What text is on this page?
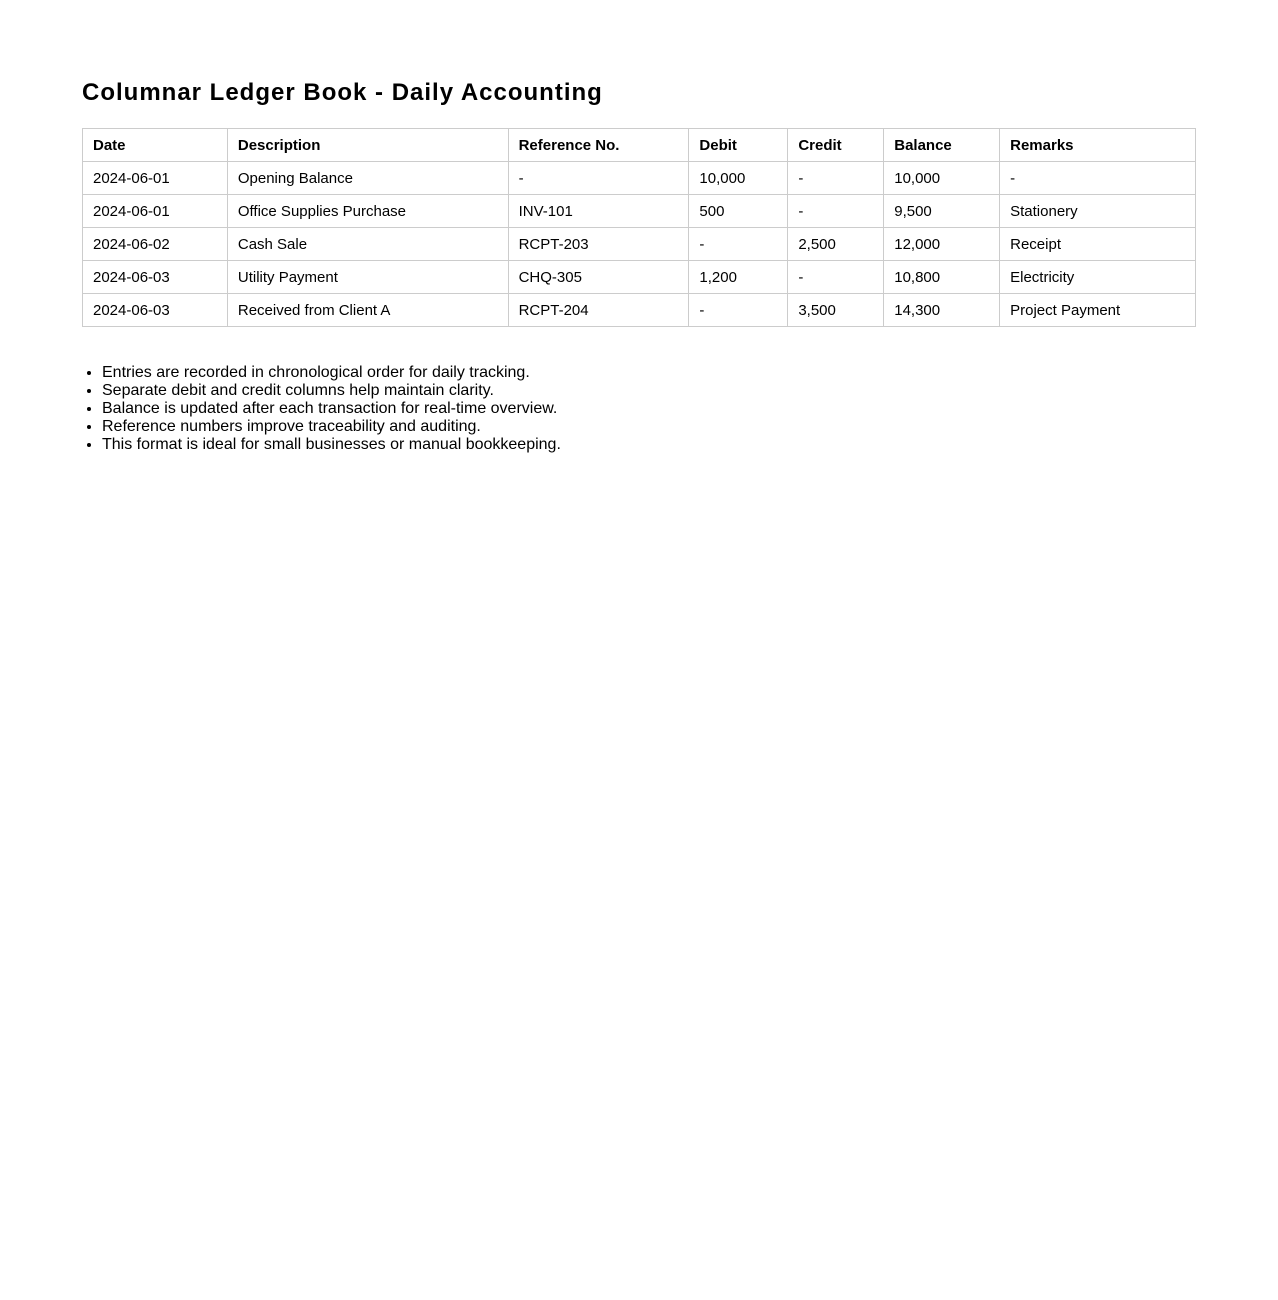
Columnar Ledger Book - Daily Accounting
Date	Description	Reference No.	Debit	Credit	Balance	Remarks
2024-06-01	Opening Balance	-	10,000	-	10,000	-
2024-06-01	Office Supplies Purchase	INV-101	500	-	9,500	Stationery
2024-06-02	Cash Sale	RCPT-203	-	2,500	12,000	Receipt
2024-06-03	Utility Payment	CHQ-305	1,200	-	10,800	Electricity
2024-06-03	Received from Client A	RCPT-204	-	3,500	14,300	Project Payment
• Entries are recorded in chronological order for daily tracking.
• Separate debit and credit columns help maintain clarity.
• Balance is updated after each transaction for real-time overview.
• Reference numbers improve traceability and auditing.
• This format is ideal for small businesses or manual bookkeeping.
